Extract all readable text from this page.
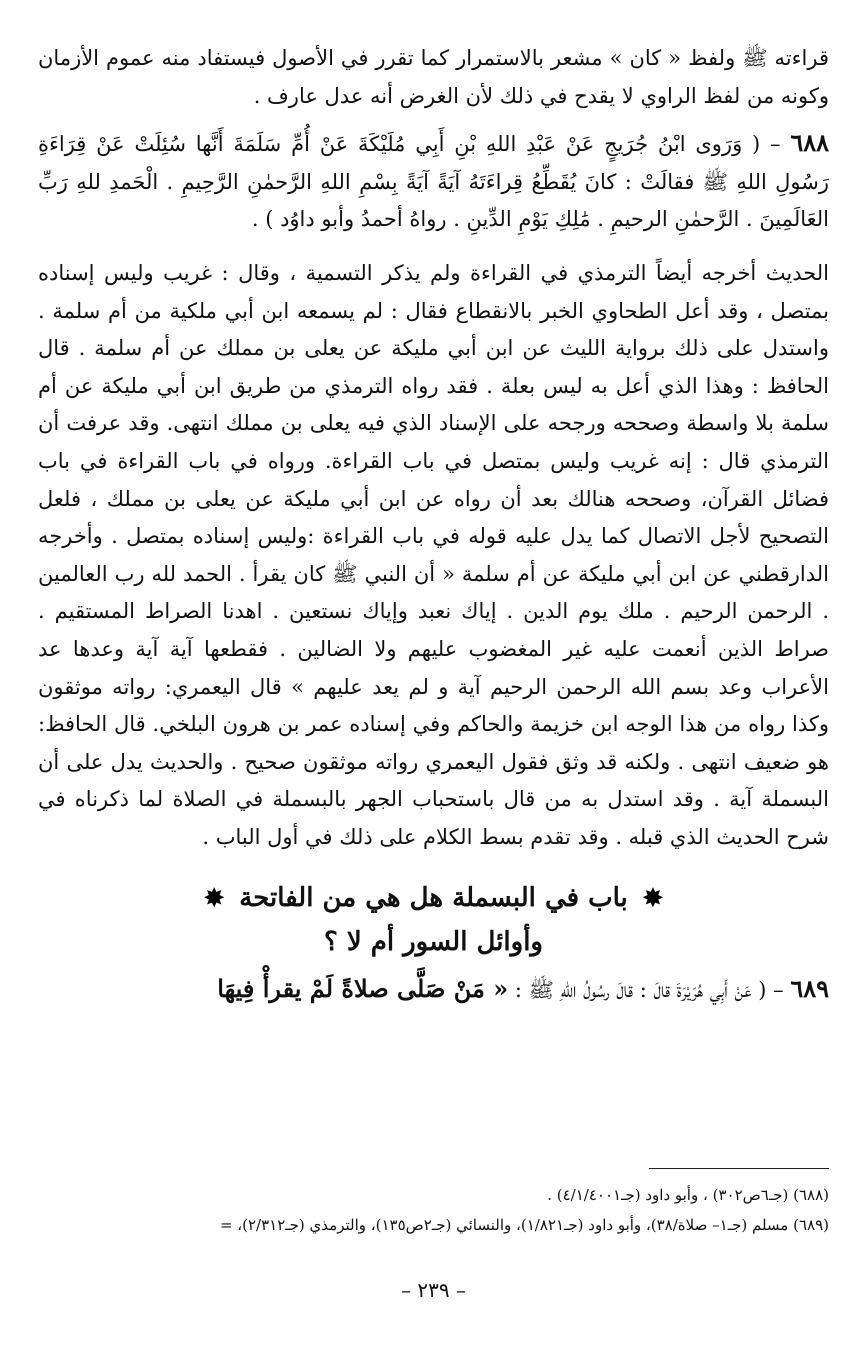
قراءته ﷺ ولفظ « كان » مشعر بالاستمرار كما تقرر في الأصول فيستفاد منه عموم الأزمان وكونه من لفظ الراوي لا يقدح في ذلك لأن الغرض أنه عدل عارف .

٦٨٨ – ( وَرَوى ابْنُ جُرَيجٍ عَنْ عَبْدِ اللهِ بْنِ أَبِي مُلَيْكَةَ عَنْ أُمِّ سَلَمَةَ أَنَّها سُئِلَتْ عَنْ قِرَاءَةِ رَسُولِ اللهِ ﷺ فقالَتْ : كانَ يُقَطِّعُ قِراءَتَهُ آيَةً آيَةً بِسْمِ اللهِ الرَّحمٰنِ الرَّحِيمِ . الْحَمدِ للهِ رَبِّ العَالَمِينَ . الرَّحمٰنِ الرحيمِ . مَٰلِكِ يَوْمِ الدِّينِ . رواهُ أحمدُ وأبو داوُد ) .

الحديث أخرجه أيضاً الترمذي في القراءة ولم يذكر التسمية ، وقال : غريب وليس إسناده بمتصل ، وقد أعل الطحاوي الخبر بالانقطاع فقال : لم يسمعه ابن أبي ملكية من أم سلمة . واستدل على ذلك برواية الليث عن ابن أبي مليكة عن يعلى بن مملك عن أم سلمة . قال الحافظ : وهذا الذي أعل به ليس بعلة . فقد رواه الترمذي من طريق ابن أبي مليكة عن أم سلمة بلا واسطة وصححه ورجحه على الإسناد الذي فيه يعلى بن مملك انتهى. وقد عرفت أن الترمذي قال : إنه غريب وليس بمتصل في باب القراءة. ورواه في باب القراءة في باب فضائل القرآن، وصححه هنالك بعد أن رواه عن ابن أبي مليكة عن يعلى بن مملك ، فلعل التصحيح لأجل الاتصال كما يدل عليه قوله في باب القراءة :وليس إسناده بمتصل . وأخرجه الدارقطني عن ابن أبي مليكة عن أم سلمة « أن النبي ﷺ كان يقرأ . الحمد لله رب العالمين . الرحمن الرحيم . ملك يوم الدين . إياك نعبد وإياك نستعين . اهدنا الصراط المستقيم . صراط الذين أنعمت عليه غير المغضوب عليهم ولا الضالين . فقطعها آية آية وعدها عد الأعراب وعد بسم الله الرحمن الرحيم آية و لم يعد عليهم » قال اليعمري: رواته موثقون وكذا رواه من هذا الوجه ابن خزيمة والحاكم وفي إسناده عمر بن هرون البلخي. قال الحافظ: هو ضعيف انتهى . ولكنه قد وثق فقول اليعمري رواته موثقون صحيح . والحديث يدل على أن البسملة آية . وقد استدل به من قال باستحباب الجهر بالبسملة في الصلاة لما ذكرناه في شرح الحديث الذي قبله . وقد تقدم بسط الكلام على ذلك في أول الباب .

✸ باب في البسملة هل هي من الفاتحة ✸
وأوائل السور أم لا ؟

٦٨٩ – ( عَنْ أَبِي هُرَيْرَةَ قالَ : قالَ رسُولُ اللهِ ﷺ : « مَنْ صَلَّى صلاةً لَمْ يقرأْ فِيهَا

(٦٨٨) (جـ٦ص٣٠٢) ، وأبو داود (جـ٤/١/٤٠٠١) .

(٦٨٩) مسلم (جـ١– صلاة/٣٨)، وأبو داود (جـ١/٨٢١)، والنسائي (جـ٢ص١٣٥)، والترمذي (جـ٢/٣١٢)، =

– ٢٣٩ –
